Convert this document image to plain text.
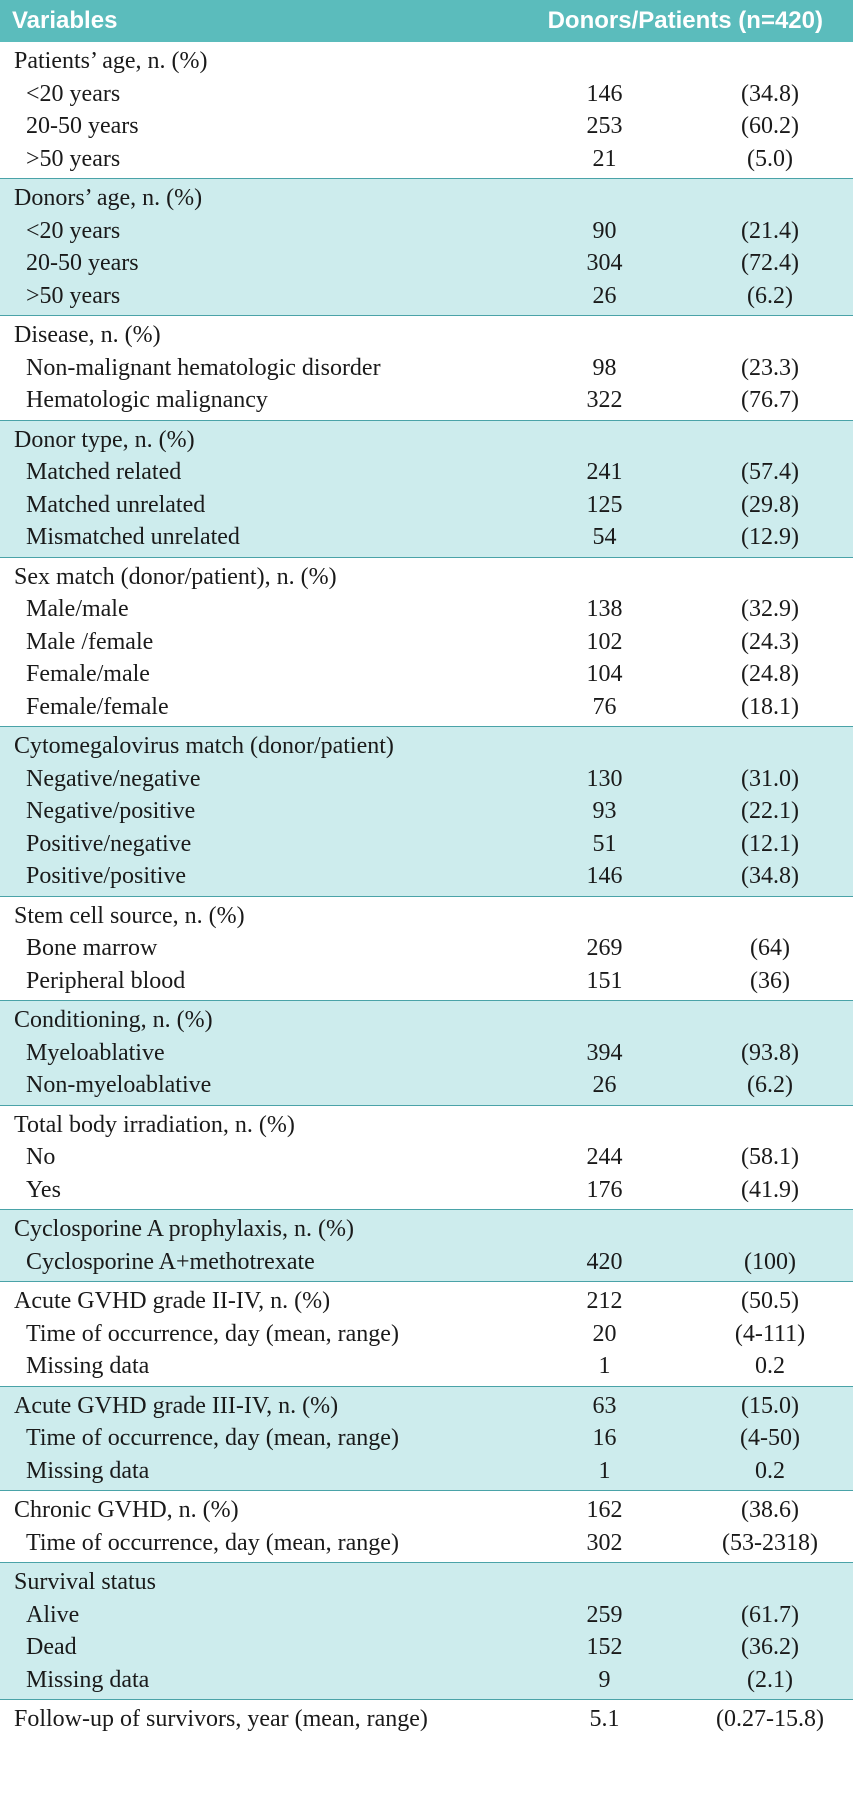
Variables	Donors/Patients (n=420)	
Patients’ age, n. (%)		
<20 years	146	(34.8)
20-50 years	253	(60.2)
>50 years	21	(5.0)
Donors’ age, n. (%)		
<20 years	90	(21.4)
20-50 years	304	(72.4)
>50 years	26	(6.2)
Disease, n. (%)		
Non-malignant hematologic disorder	98	(23.3)
Hematologic malignancy	322	(76.7)
Donor type, n. (%)		
Matched related	241	(57.4)
Matched unrelated	125	(29.8)
Mismatched unrelated	54	(12.9)
Sex match (donor/patient), n. (%)		
Male/male	138	(32.9)
Male /female	102	(24.3)
Female/male	104	(24.8)
Female/female	76	(18.1)
Cytomegalovirus match (donor/patient)		
Negative/negative	130	(31.0)
Negative/positive	93	(22.1)
Positive/negative	51	(12.1)
Positive/positive	146	(34.8)
Stem cell source, n. (%)		
Bone marrow	269	(64)
Peripheral blood	151	(36)
Conditioning, n. (%)		
Myeloablative	394	(93.8)
Non-myeloablative	26	(6.2)
Total body irradiation, n. (%)		
No	244	(58.1)
Yes	176	(41.9)
Cyclosporine A prophylaxis, n. (%)		
Cyclosporine A+methotrexate	420	(100)
Acute GVHD grade II-IV, n. (%)	212	(50.5)
Time of occurrence, day (mean, range)	20	(4-111)
Missing data	1	0.2
Acute GVHD grade III-IV, n. (%)	63	(15.0)
Time of occurrence, day (mean, range)	16	(4-50)
Missing data	1	0.2
Chronic GVHD, n. (%)	162	(38.6)
Time of occurrence, day (mean, range)	302	(53-2318)
Survival status		
Alive	259	(61.7)
Dead	152	(36.2)
Missing data	9	(2.1)
Follow-up of survivors, year (mean, range)	5.1	(0.27-15.8)
